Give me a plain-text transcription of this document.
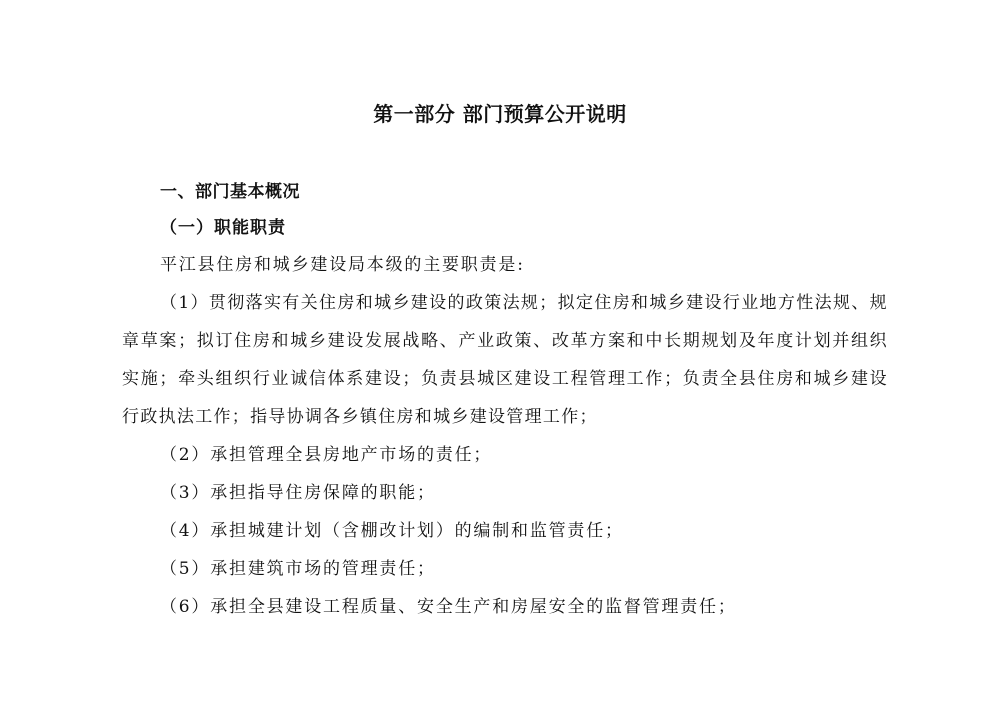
第一部分 部门预算公开说明
一、部门基本概况
（一）职能职责

平江县住房和城乡建设局本级的主要职责是:

（1）贯彻落实有关住房和城乡建设的政策法规；拟定住房和城乡建设行业地方性法规、规章草案；拟订住房和城乡建设发展战略、产业政策、改革方案和中长期规划及年度计划并组织实施；牵头组织行业诚信体系建设；负责县城区建设工程管理工作；负责全县住房和城乡建设行政执法工作；指导协调各乡镇住房和城乡建设管理工作；

（2）承担管理全县房地产市场的责任；

（3）承担指导住房保障的职能；

（4）承担城建计划（含棚改计划）的编制和监管责任；

（5）承担建筑市场的管理责任；

（6）承担全县建设工程质量、安全生产和房屋安全的监督管理责任；
